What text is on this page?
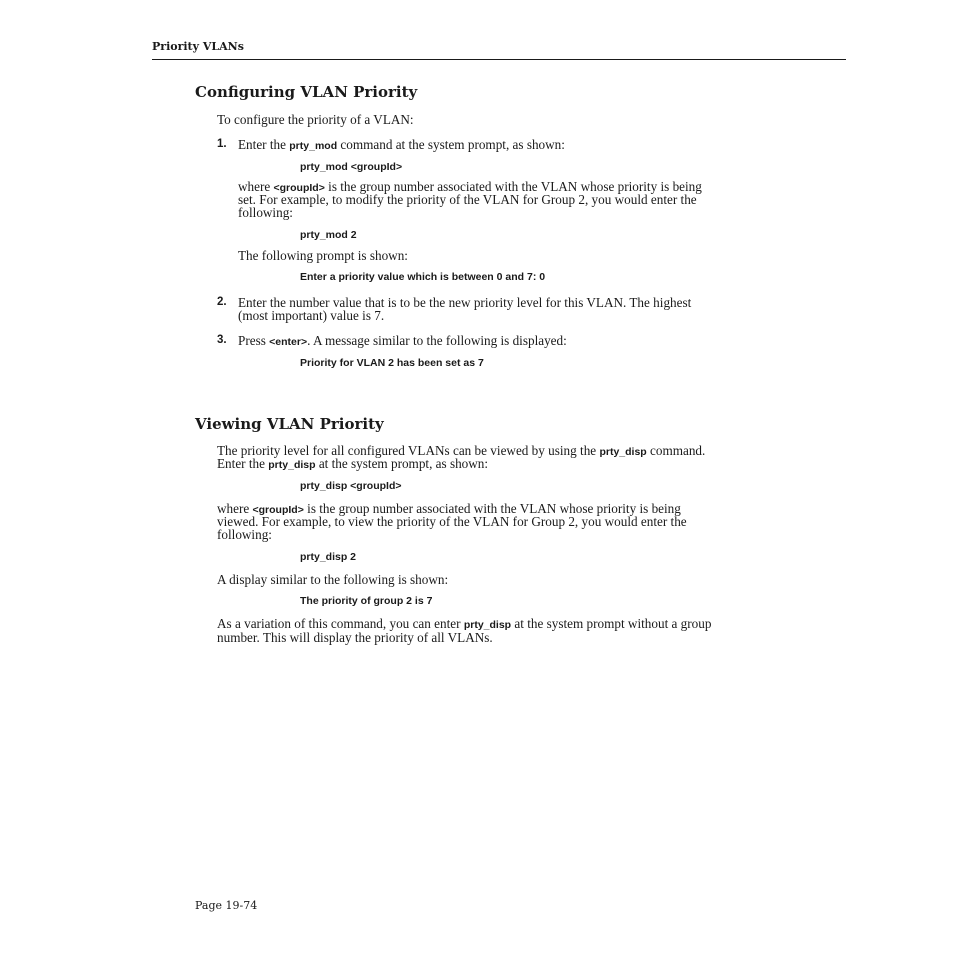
Priority VLANs
Configuring VLAN Priority
To configure the priority of a VLAN:
1. Enter the prty_mod command at the system prompt, as shown:
prty_mod <groupId>
where <groupId> is the group number associated with the VLAN whose priority is being
set. For example, to modify the priority of the VLAN for Group 2, you would enter the
following:
prty_mod 2
The following prompt is shown:
Enter a priority value which is between 0 and 7: 0
2. Enter the number value that is to be the new priority level for this VLAN. The highest
(most important) value is 7.
3. Press <enter>. A message similar to the following is displayed:
Priority for VLAN 2 has been set as 7
Viewing VLAN Priority
The priority level for all configured VLANs can be viewed by using the prty_disp command.
Enter the prty_disp at the system prompt, as shown:
prty_disp <groupId>
where <groupId> is the group number associated with the VLAN whose priority is being
viewed. For example, to view the priority of the VLAN for Group 2, you would enter the
following:
prty_disp 2
A display similar to the following is shown:
The priority of group 2 is 7
As a variation of this command, you can enter prty_disp at the system prompt without a group
number. This will display the priority of all VLANs.
Page 19-74
